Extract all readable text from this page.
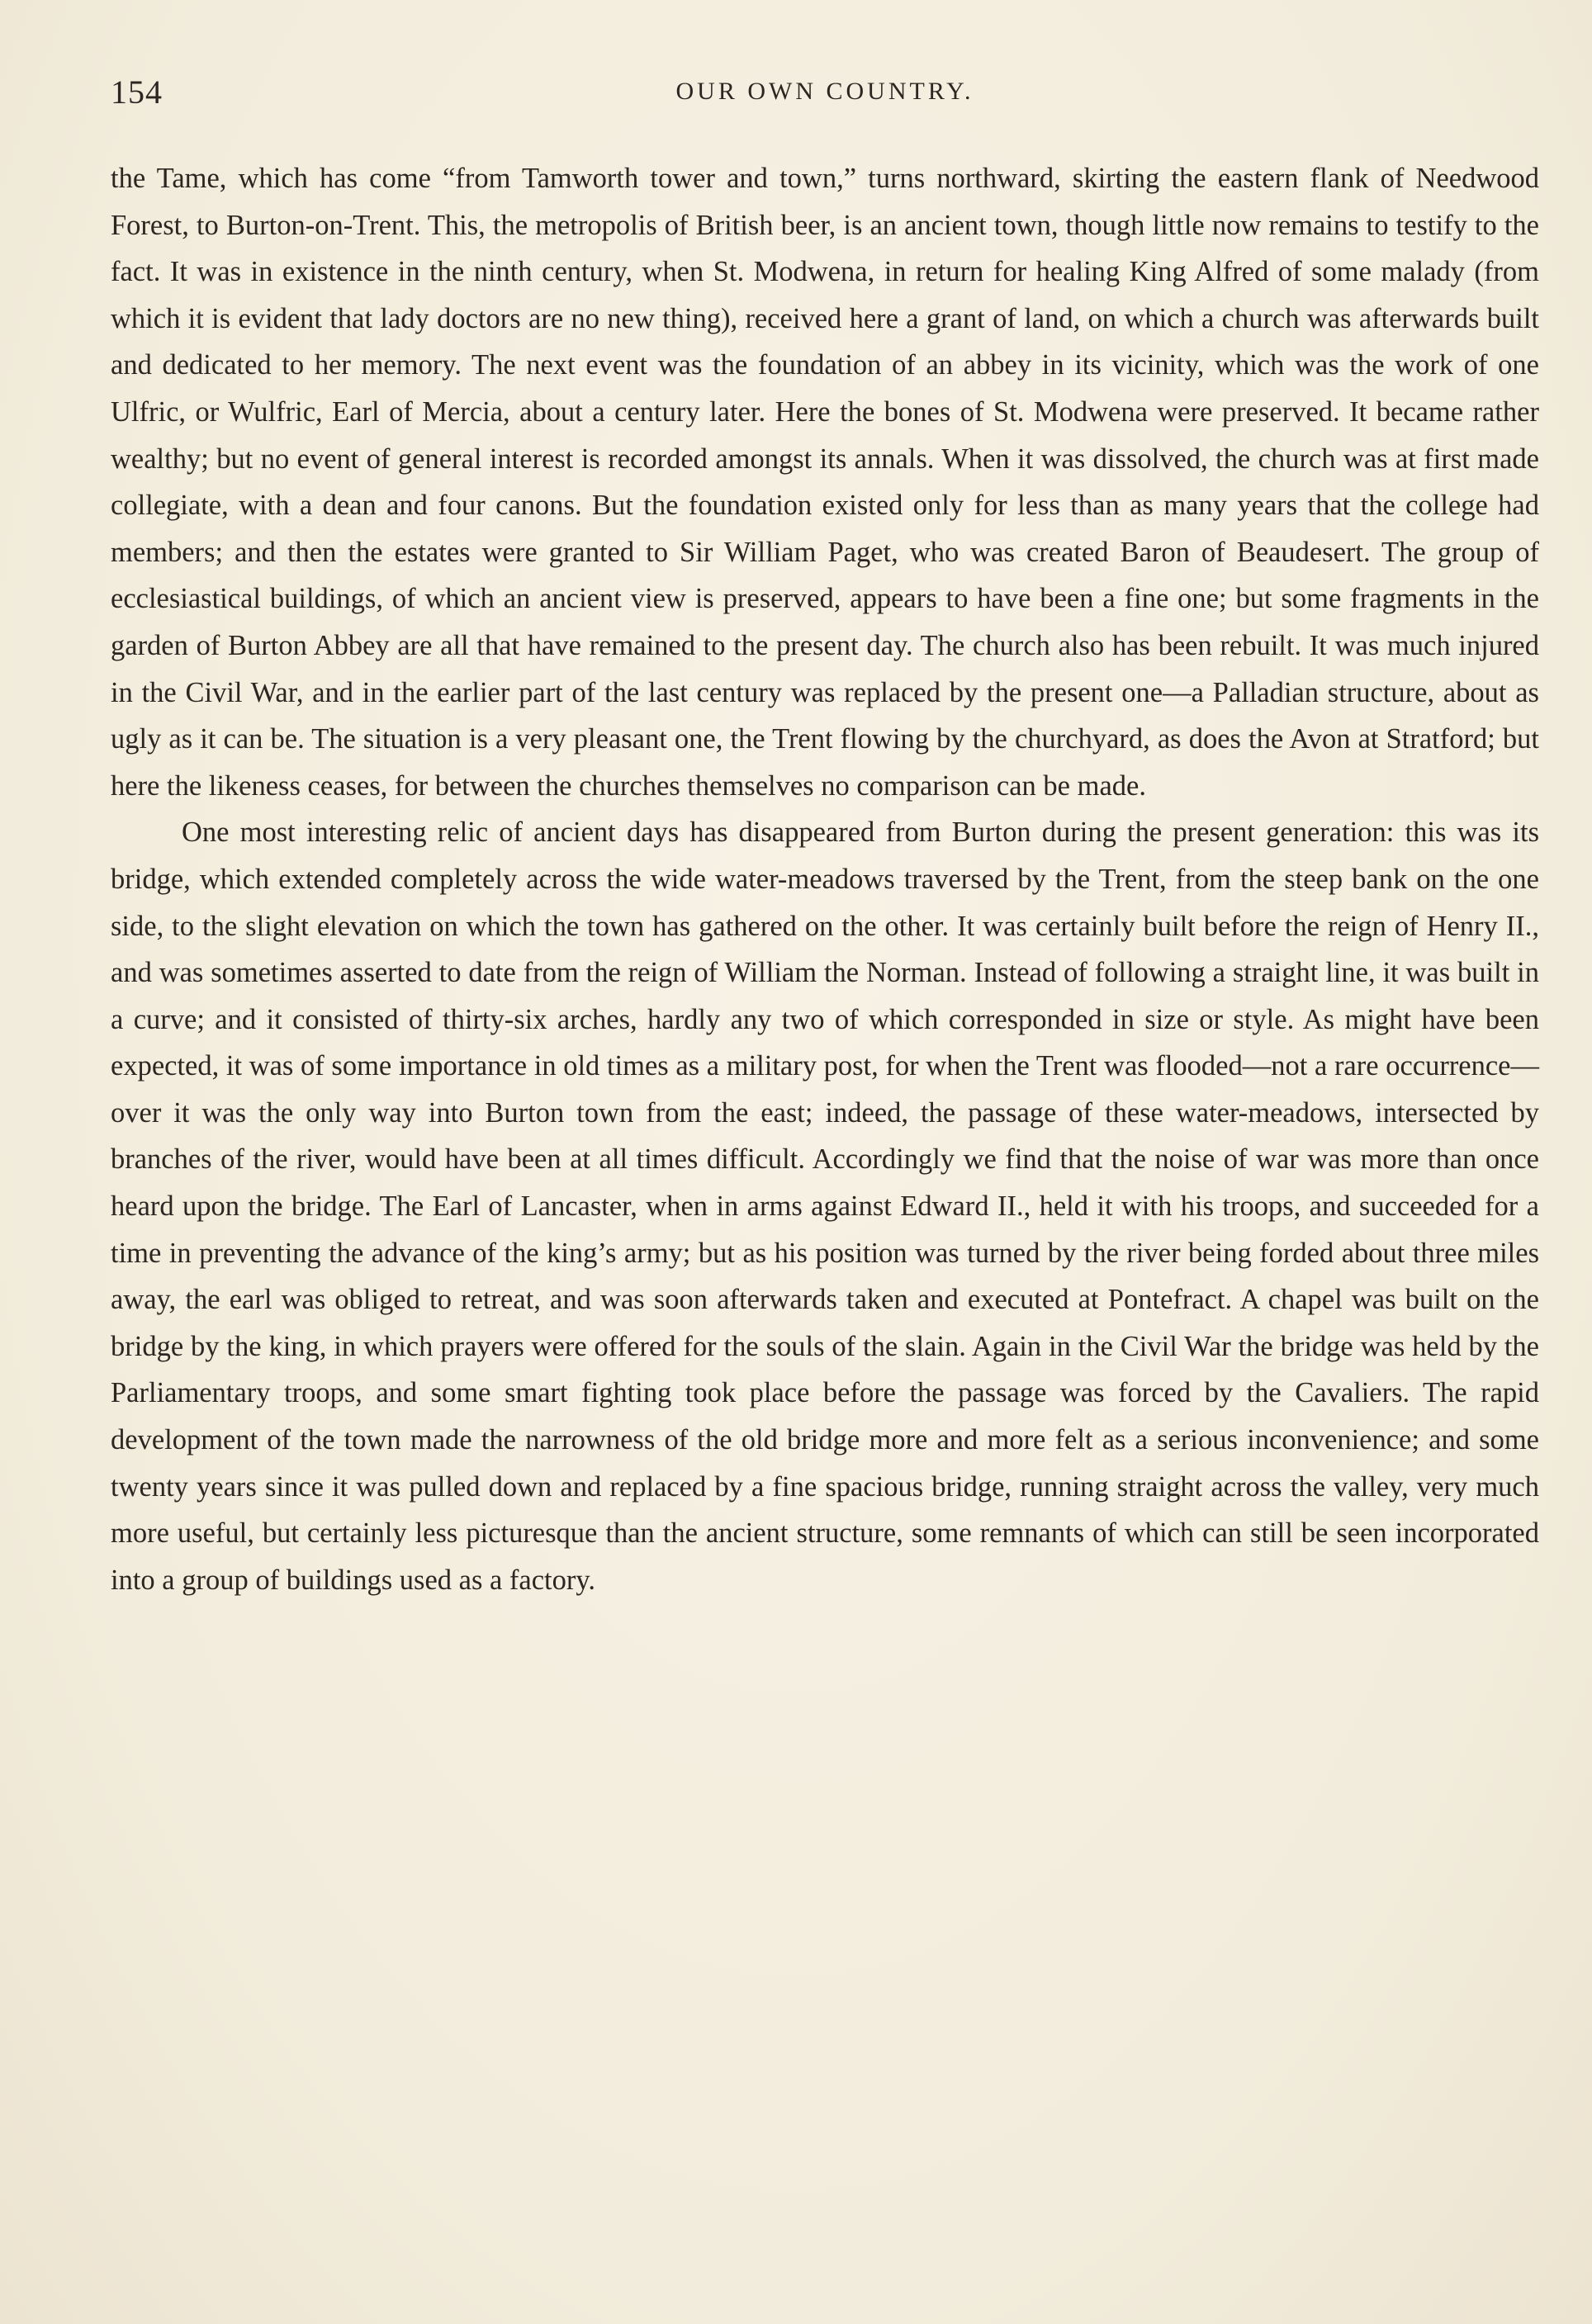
154	OUR OWN COUNTRY.

the Tame, which has come “from Tamworth tower and town,” turns northward, skirting the eastern flank of Needwood Forest, to Burton-on-Trent. This, the metropolis of British beer, is an ancient town, though little now remains to testify to the fact. It was in existence in the ninth century, when St. Modwena, in return for healing King Alfred of some malady (from which it is evident that lady doctors are no new thing), received here a grant of land, on which a church was afterwards built and dedicated to her memory. The next event was the foundation of an abbey in its vicinity, which was the work of one Ulfric, or Wulfric, Earl of Mercia, about a century later. Here the bones of St. Modwena were preserved. It became rather wealthy; but no event of general interest is recorded amongst its annals. When it was dissolved, the church was at first made collegiate, with a dean and four canons. But the foundation existed only for less than as many years that the college had members; and then the estates were granted to Sir William Paget, who was created Baron of Beaudesert. The group of ecclesiastical buildings, of which an ancient view is preserved, appears to have been a fine one; but some fragments in the garden of Burton Abbey are all that have remained to the present day. The church also has been rebuilt. It was much injured in the Civil War, and in the earlier part of the last century was replaced by the present one—a Palladian structure, about as ugly as it can be. The situation is a very pleasant one, the Trent flowing by the churchyard, as does the Avon at Stratford; but here the likeness ceases, for between the churches themselves no comparison can be made.

One most interesting relic of ancient days has disappeared from Burton during the present generation: this was its bridge, which extended completely across the wide water-meadows traversed by the Trent, from the steep bank on the one side, to the slight elevation on which the town has gathered on the other. It was certainly built before the reign of Henry II., and was sometimes asserted to date from the reign of William the Norman. Instead of following a straight line, it was built in a curve; and it consisted of thirty-six arches, hardly any two of which corresponded in size or style. As might have been expected, it was of some importance in old times as a military post, for when the Trent was flooded—not a rare occurrence—over it was the only way into Burton town from the east; indeed, the passage of these water-meadows, intersected by branches of the river, would have been at all times difficult. Accordingly we find that the noise of war was more than once heard upon the bridge. The Earl of Lancaster, when in arms against Edward II., held it with his troops, and succeeded for a time in preventing the advance of the king’s army; but as his position was turned by the river being forded about three miles away, the earl was obliged to retreat, and was soon afterwards taken and executed at Pontefract. A chapel was built on the bridge by the king, in which prayers were offered for the souls of the slain. Again in the Civil War the bridge was held by the Parliamentary troops, and some smart fighting took place before the passage was forced by the Cavaliers. The rapid development of the town made the narrowness of the old bridge more and more felt as a serious inconvenience; and some twenty years since it was pulled down and replaced by a fine spacious bridge, running straight across the valley, very much more useful, but certainly less picturesque than the ancient structure, some remnants of which can still be seen incorporated into a group of buildings used as a factory.
